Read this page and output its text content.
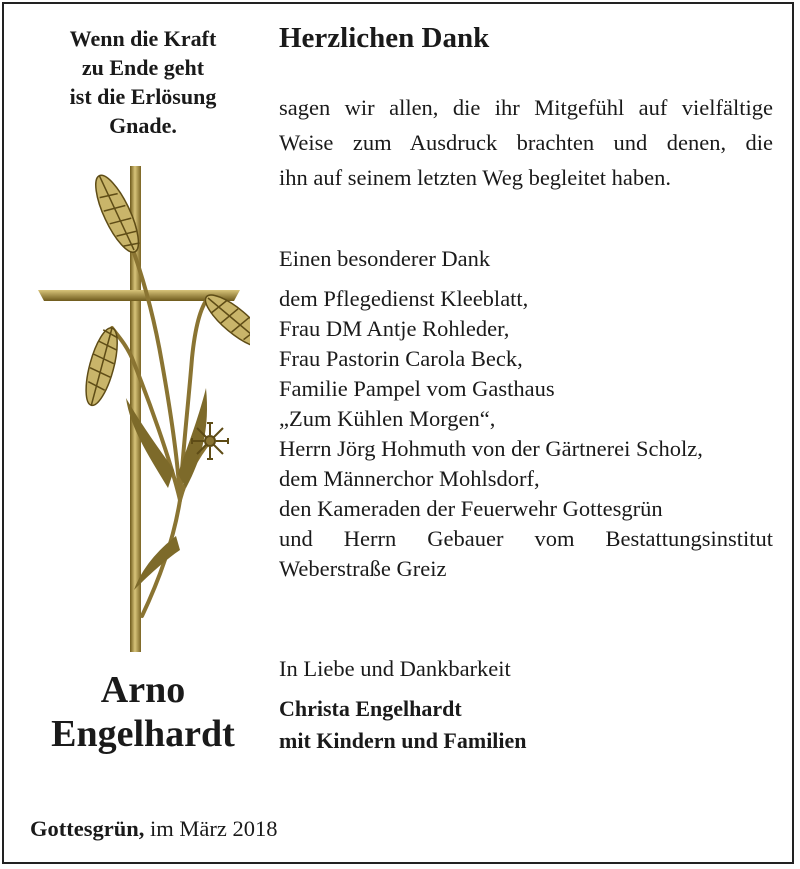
Wenn die Kraft
zu Ende geht
ist die Erlösung
Gnade.
Arno
Engelhardt
Herzlichen Dank
sagen wir allen, die ihr Mitgefühl auf vielfältige
Weise zum Ausdruck brachten und denen, die
ihn auf seinem letzten Weg begleitet haben.
Einen besonderer Dank
dem Pflegedienst Kleeblatt,
Frau DM Antje Rohleder,
Frau Pastorin Carola Beck,
Familie Pampel vom Gasthaus
„Zum Kühlen Morgen“,
Herrn Jörg Hohmuth von der Gärtnerei Scholz,
dem Männerchor Mohlsdorf,
den Kameraden der Feuerwehr Gottesgrün
und Herrn Gebauer vom Bestattungsinstitut
Weberstraße Greiz
In Liebe und Dankbarkeit
Christa Engelhardt
mit Kindern und Familien
Gottesgrün, im März 2018
